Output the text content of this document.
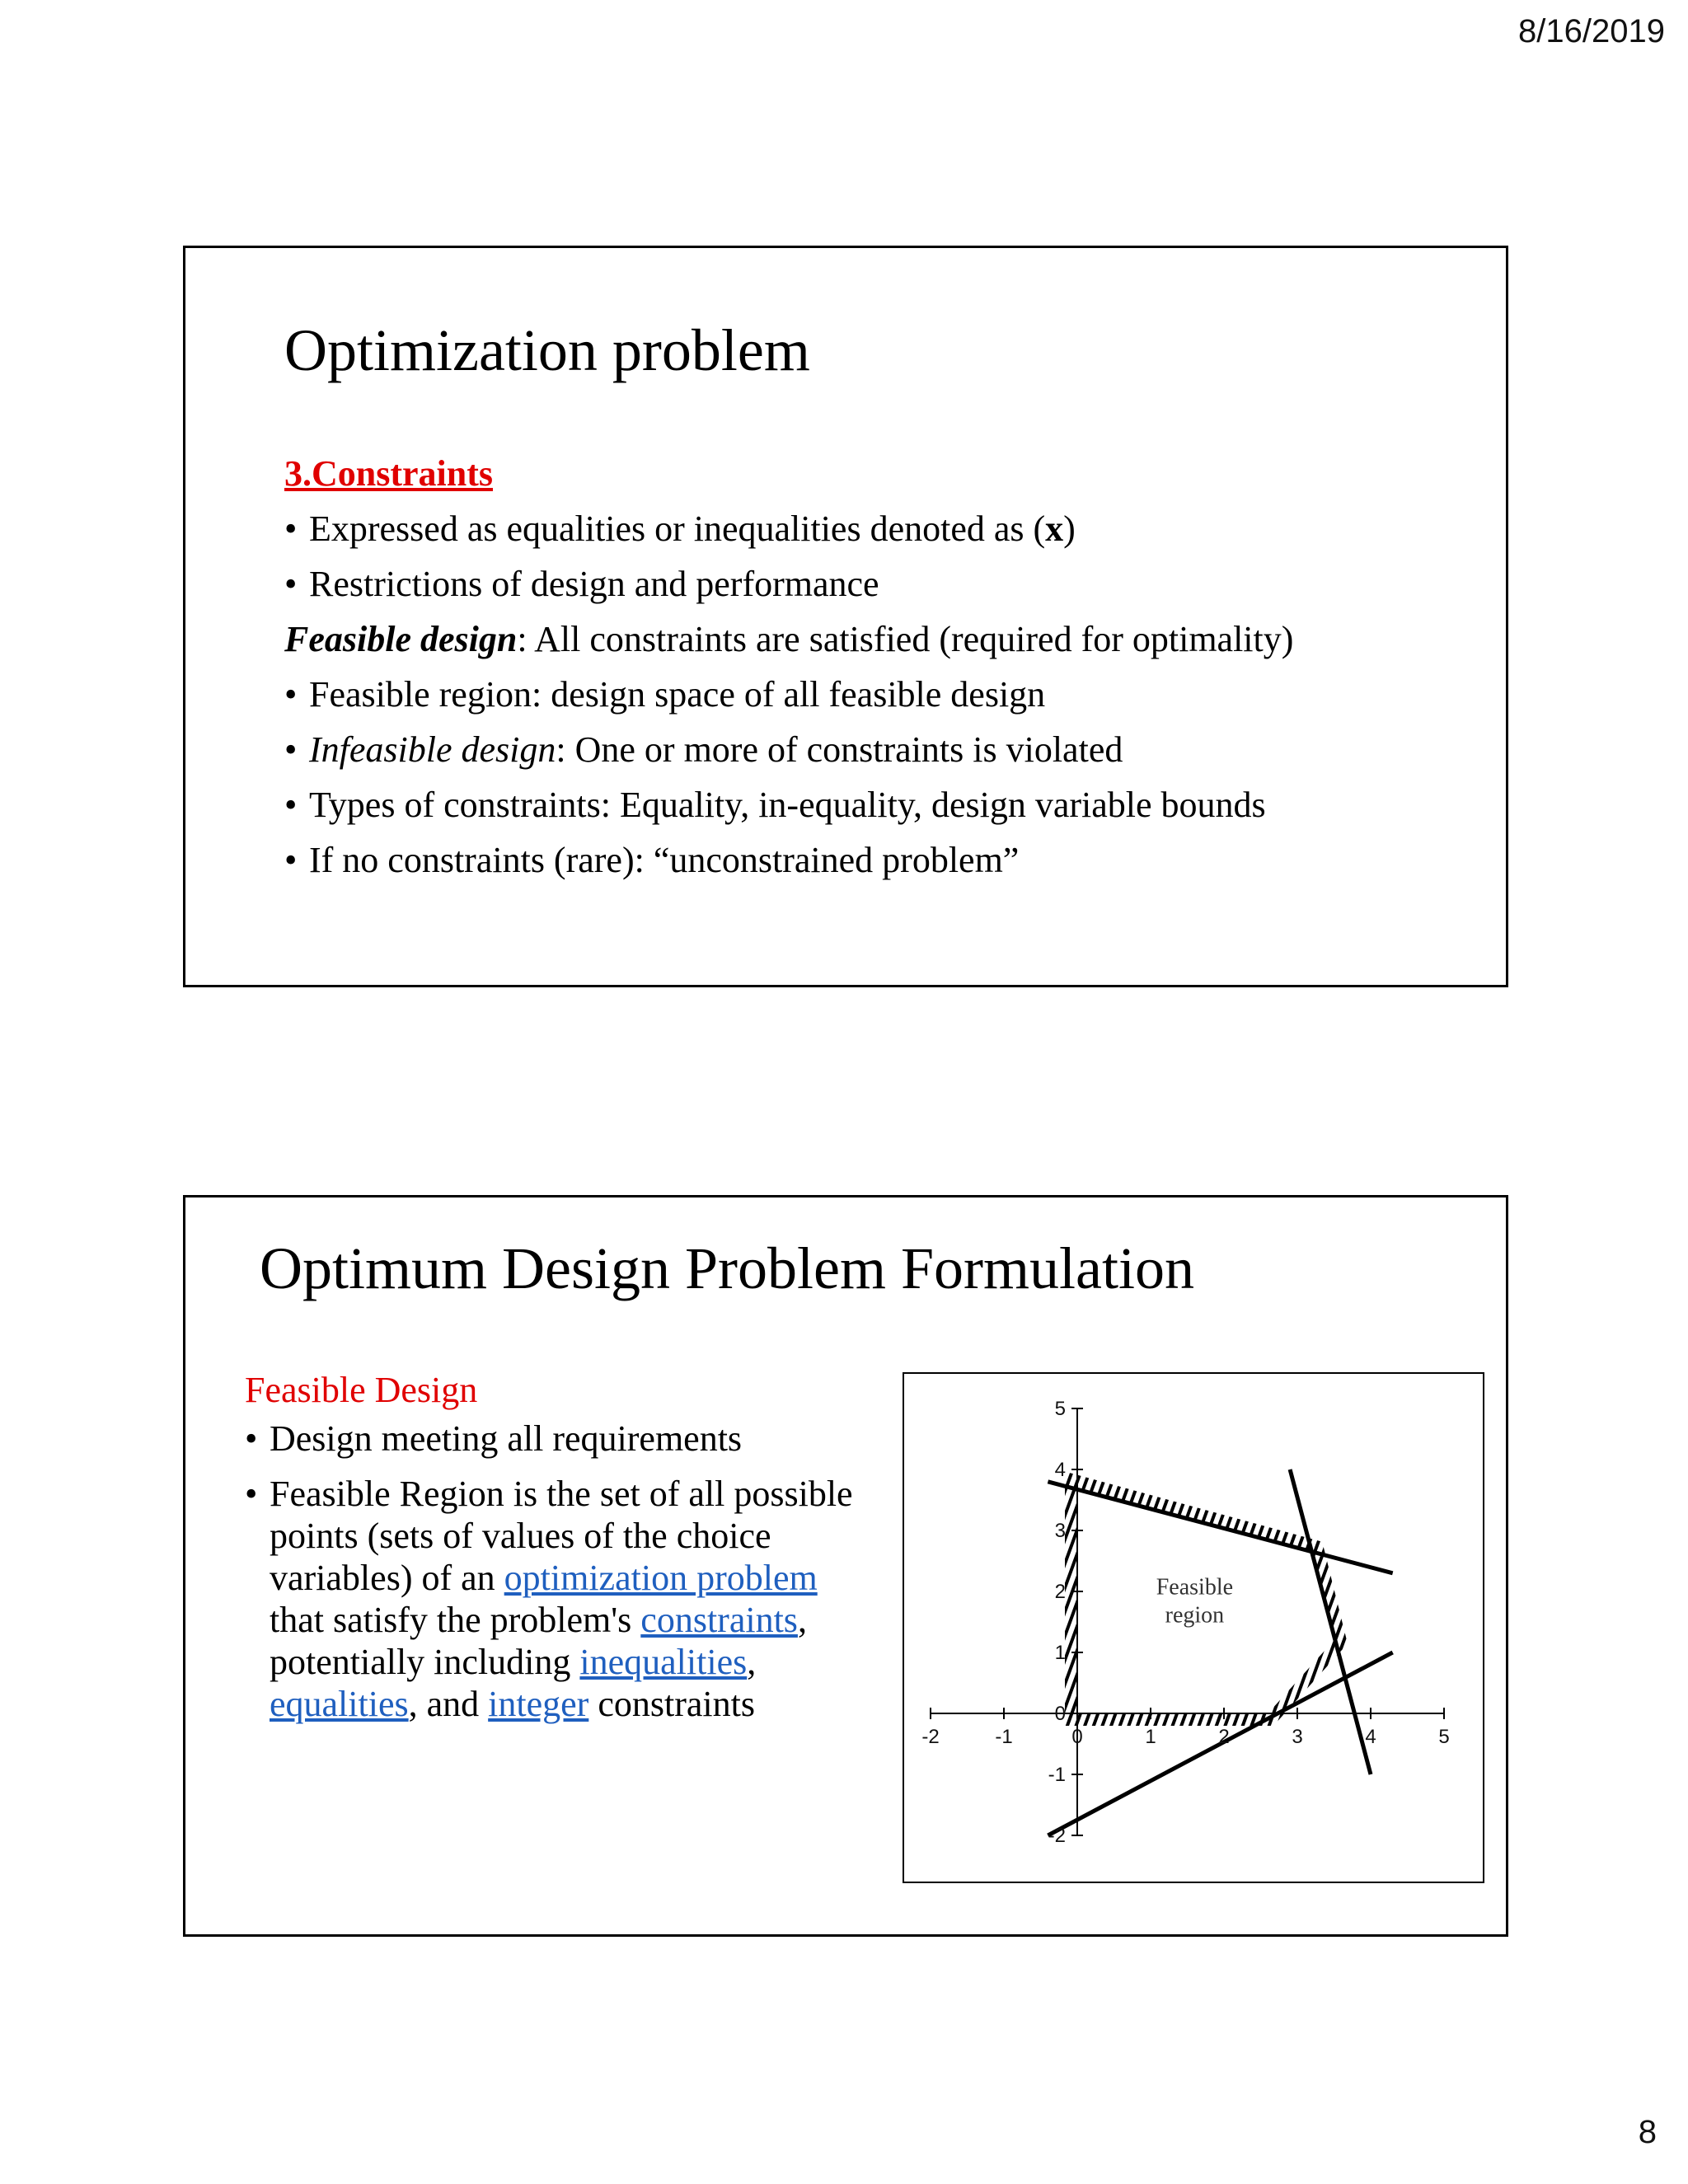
8/16/2019
Optimization problem
3.Constraints
• Expressed as equalities or inequalities denoted as (x)
• Restrictions of design and performance
Feasible design: All constraints are satisfied (required for optimality)
• Feasible region: design space of all feasible design
• Infeasible design: One or more of constraints is violated
• Types of constraints: Equality, in-equality, design variable bounds
• If no constraints (rare): “unconstrained problem”
Optimum Design Problem Formulation
Feasible Design
• Design meeting all requirements
• Feasible Region is the set of all possible points (sets of values of the choice variables) of an optimization problem that satisfy the problem's constraints, potentially including inequalities, equalities, and integer constraints
-2	-1	0	1	2	3	4	5
-2
-1
0
1
2
3
4
5
Feasible
region
8
